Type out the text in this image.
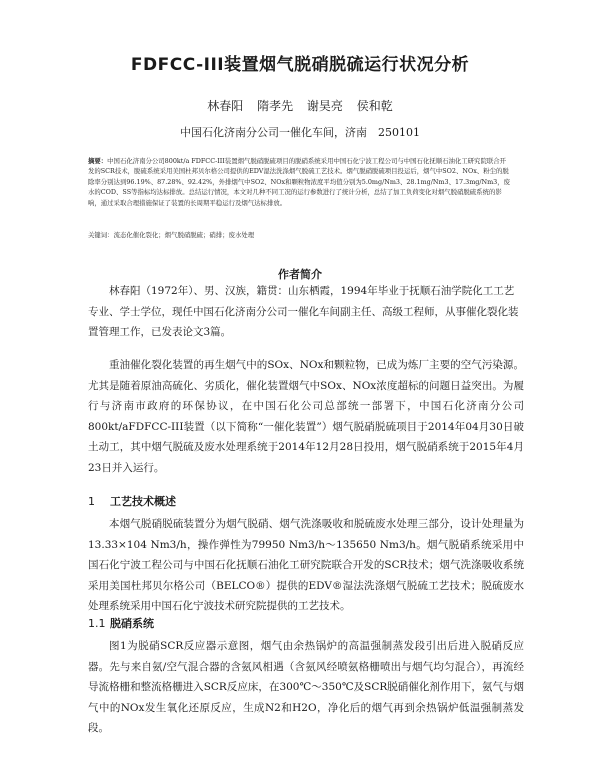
FDFCC-III装置烟气脱硝脱硫运行状况分析
林春阳 隋孝先 谢昊亮 侯和乾
中国石化济南分公司一催化车间，济南　250101
摘要：中国石化济南分公司800kt/a FDFCC-III装置烟气脱硝脱硫项目的脱硝系统采用中国石化宁波工程公司与中国石化抚顺石油化工研究院联合开发的SCR技术，脱硫系统采用美国杜邦贝尔格公司提供的EDV湿法洗涤烟气脱硫工艺技术。烟气脱硝脱硫项目投运后，烟气中SO2、NOx、粉尘的脱除率分别达到96.19%、87.28%、92.42%，外排烟气中SO2、NOx和颗粒物浓度平均值分别为5.0mg/Nm3、28.1mg/Nm3、17.3mg/Nm3，废水的COD、SS等指标均达标排放。总结运行情况，本文对几种不同工况的运行参数进行了统计分析，总结了加工负荷变化对烟气脱硝脱硫系统的影响，通过采取合理措施保证了装置的长周期平稳运行及烟气达标排放。
关键词：流态化催化裂化；烟气脱硝脱硫；硝排；废水处理
作者简介
林春阳（1972年）、男、汉族，籍贯：山东栖霞，1994年毕业于抚顺石油学院化工工艺专业、学士学位，现任中国石化济南分公司一催化车间副主任、高级工程师，从事催化裂化装置管理工作，已发表论文3篇。
重油催化裂化装置的再生烟气中的SOx、NOx和颗粒物，已成为炼厂主要的空气污染源。尤其是随着原油高硫化、劣质化，催化装置烟气中SOx、NOx浓度超标的问题日益突出。为履行与济南市政府的环保协议，在中国石化公司总部统一部署下，中国石化济南分公司800kt/aFDFCC-III装置（以下简称“一催化装置”）烟气脱硝脱硫项目于2014年04月30日破土动工，其中烟气脱硫及废水处理系统于2014年12月28日投用，烟气脱硝系统于2015年4月23日并入运行。
1 工艺技术概述
本烟气脱硝脱硫装置分为烟气脱硝、烟气洗涤吸收和脱硫废水处理三部分，设计处理量为13.33×104 Nm3/h，操作弹性为79950 Nm3/h～135650 Nm3/h。烟气脱硝系统采用中国石化宁波工程公司与中国石化抚顺石油化工研究院联合开发的SCR技术；烟气洗涤吸收系统采用美国杜邦贝尔格公司（BELCO®）提供的EDV®湿法洗涤烟气脱硫工艺技术；脱硫废水处理系统采用中国石化宁波技术研究院提供的工艺技术。
1.1 脱硝系统
图1为脱硝SCR反应器示意图，烟气由余热锅炉的高温强制蒸发段引出后进入脱硝反应器。先与来自氨/空气混合器的含氨风相遇（含氨风经喷氨格栅喷出与烟气均匀混合），再流经导流格栅和整流格栅进入SCR反应床，在300℃～350℃及SCR脱硝催化剂作用下，氨气与烟气中的NOx发生氧化还原反应，生成N2和H2O，净化后的烟气再到余热锅炉低温强制蒸发段。
